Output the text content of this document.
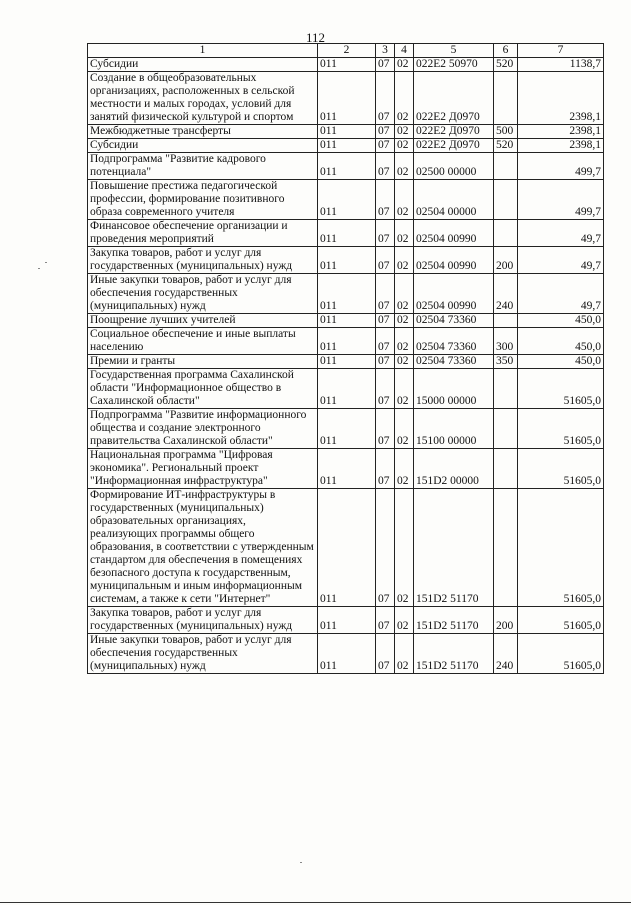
112
1	2	3	4	5	6	7
Субсидии	011	07	02	022E2 50970	520	1138,7
Создание в общеобразовательных организациях, расположенных в сельской местности и малых городах, условий для занятий физической культурой и спортом	011	07	02	022E2 Д0970		2398,1
Межбюджетные трансферты	011	07	02	022E2 Д0970	500	2398,1
Субсидии	011	07	02	022E2 Д0970	520	2398,1
Подпрограмма "Развитие кадрового потенциала"	011	07	02	02500 00000		499,7
Повышение престижа педагогической профессии, формирование позитивного образа современного учителя	011	07	02	02504 00000		499,7
Финансовое обеспечение организации и проведения мероприятий	011	07	02	02504 00990		49,7
Закупка товаров, работ и услуг для государственных (муниципальных) нужд	011	07	02	02504 00990	200	49,7
Иные закупки товаров, работ и услуг для обеспечения государственных (муниципальных) нужд	011	07	02	02504 00990	240	49,7
Поощрение лучших учителей	011	07	02	02504 73360		450,0
Социальное обеспечение и иные выплаты населению	011	07	02	02504 73360	300	450,0
Премии и гранты	011	07	02	02504 73360	350	450,0
Государственная программа Сахалинской области "Информационное общество в Сахалинской области"	011	07	02	15000 00000		51605,0
Подпрограмма "Развитие информационного общества и создание электронного правительства Сахалинской области"	011	07	02	15100 00000		51605,0
Национальная программа "Цифровая экономика". Региональный проект "Информационная инфраструктура"	011	07	02	151D2 00000		51605,0
Формирование ИТ-инфраструктуры в государственных (муниципальных) образовательных организациях, реализующих программы общего образования, в соответствии с утвержденным стандартом для обеспечения в помещениях безопасного доступа к государственным, муниципальным и иным информационным системам, а также к сети "Интернет"	011	07	02	151D2 51170		51605,0
Закупка товаров, работ и услуг для государственных (муниципальных) нужд	011	07	02	151D2 51170	200	51605,0
Иные закупки товаров, работ и услуг для обеспечения государственных (муниципальных) нужд	011	07	02	151D2 51170	240	51605,0
